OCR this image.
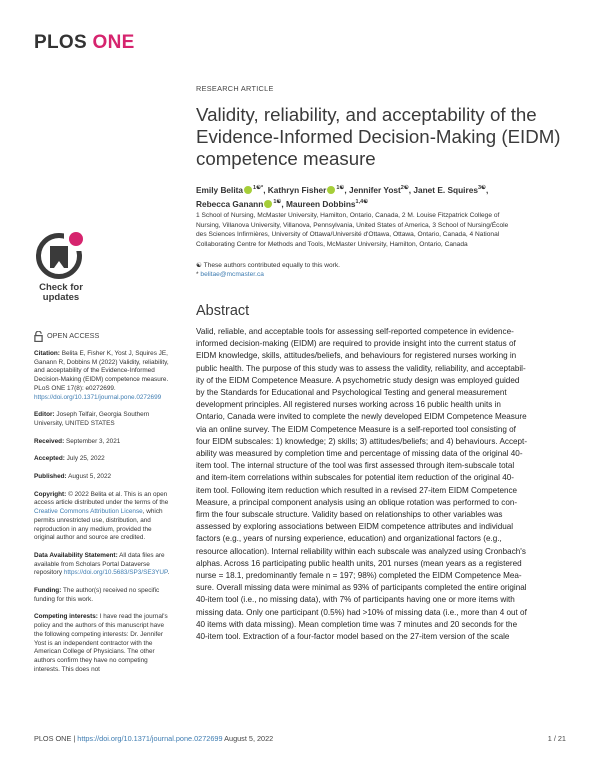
PLOS ONE
Check for
updates
OPEN ACCESS

Citation: Belita E, Fisher K, Yost J, Squires JE, Ganann R, Dobbins M (2022) Validity, reliability, and acceptability of the Evidence-Informed Decision-Making (EIDM) competence measure. PLoS ONE 17(8): e0272699. https://doi.org/10.1371/journal.pone.0272699

Editor: Joseph Telfair, Georgia Southern University, UNITED STATES

Received: September 3, 2021

Accepted: July 25, 2022

Published: August 5, 2022

Copyright: © 2022 Belita et al. This is an open access article distributed under the terms of the Creative Commons Attribution License, which permits unrestricted use, distribution, and reproduction in any medium, provided the original author and source are credited.

Data Availability Statement: All data files are available from Scholars Portal Dataverse repository https://doi.org/10.5683/SP3/SE3YUP.

Funding: The author(s) received no specific funding for this work.

Competing interests: I have read the journal's policy and the authors of this manuscript have the following competing interests: Dr. Jennifer Yost is an independent contractor with the American College of Physicians. The other authors confirm they have no competing interests. This does not

RESEARCH ARTICLE
Validity, reliability, and acceptability of the
Evidence-Informed Decision-Making (EIDM)
competence measure
Emily Belita $^{1☯*}$, Kathryn Fisher $^{1☯}$, Jennifer Yost$^{2☯}$, Janet E. Squires$^{3☯}$,
Rebecca Ganann $^{1☯}$, Maureen Dobbins$^{1,4☯}$
1 School of Nursing, McMaster University, Hamilton, Ontario, Canada, 2 M. Louise Fitzpatrick College of
Nursing, Villanova University, Villanova, Pennsylvania, United States of America, 3 School of Nursing/École
des Sciences Infirmières, University of Ottawa/Université d'Ottawa, Ottawa, Ontario, Canada, 4 National
Collaborating Centre for Methods and Tools, McMaster University, Hamilton, Ontario, Canada
☯ These authors contributed equally to this work.
* belitae@mcmaster.ca
Abstract
Valid, reliable, and acceptable tools for assessing self-reported competence in evidence-
informed decision-making (EIDM) are required to provide insight into the current status of
EIDM knowledge, skills, attitudes/beliefs, and behaviours for registered nurses working in
public health. The purpose of this study was to assess the validity, reliability, and acceptabil-
ity of the EIDM Competence Measure. A psychometric study design was employed guided
by the Standards for Educational and Psychological Testing and general measurement
development principles. All registered nurses working across 16 public health units in
Ontario, Canada were invited to complete the newly developed EIDM Competence Measure
via an online survey. The EIDM Competence Measure is a self-reported tool consisting of
four EIDM subscales: 1) knowledge; 2) skills; 3) attitudes/beliefs; and 4) behaviours. Accept-
ability was measured by completion time and percentage of missing data of the original 40-
item tool. The internal structure of the tool was first assessed through item-subscale total
and item-item correlations within subscales for potential item reduction of the original 40-
item tool. Following item reduction which resulted in a revised 27-item EIDM Competence
Measure, a principal component analysis using an oblique rotation was performed to con-
firm the four subscale structure. Validity based on relationships to other variables was
assessed by exploring associations between EIDM competence attributes and individual
factors (e.g., years of nursing experience, education) and organizational factors (e.g.,
resource allocation). Internal reliability within each subscale was analyzed using Cronbach's
alphas. Across 16 participating public health units, 201 nurses (mean years as a registered
nurse = 18.1, predominantly female n = 197; 98%) completed the EIDM Competence Mea-
sure. Overall missing data were minimal as 93% of participants completed the entire original
40-item tool (i.e., no missing data), with 7% of participants having one or more items with
missing data. Only one participant (0.5%) had >10% of missing data (i.e., more than 4 out of
40 items with data missing). Mean completion time was 7 minutes and 20 seconds for the
40-item tool. Extraction of a four-factor model based on the 27-item version of the scale
PLOS ONE | https://doi.org/10.1371/journal.pone.0272699 August 5, 2022	1 / 21
